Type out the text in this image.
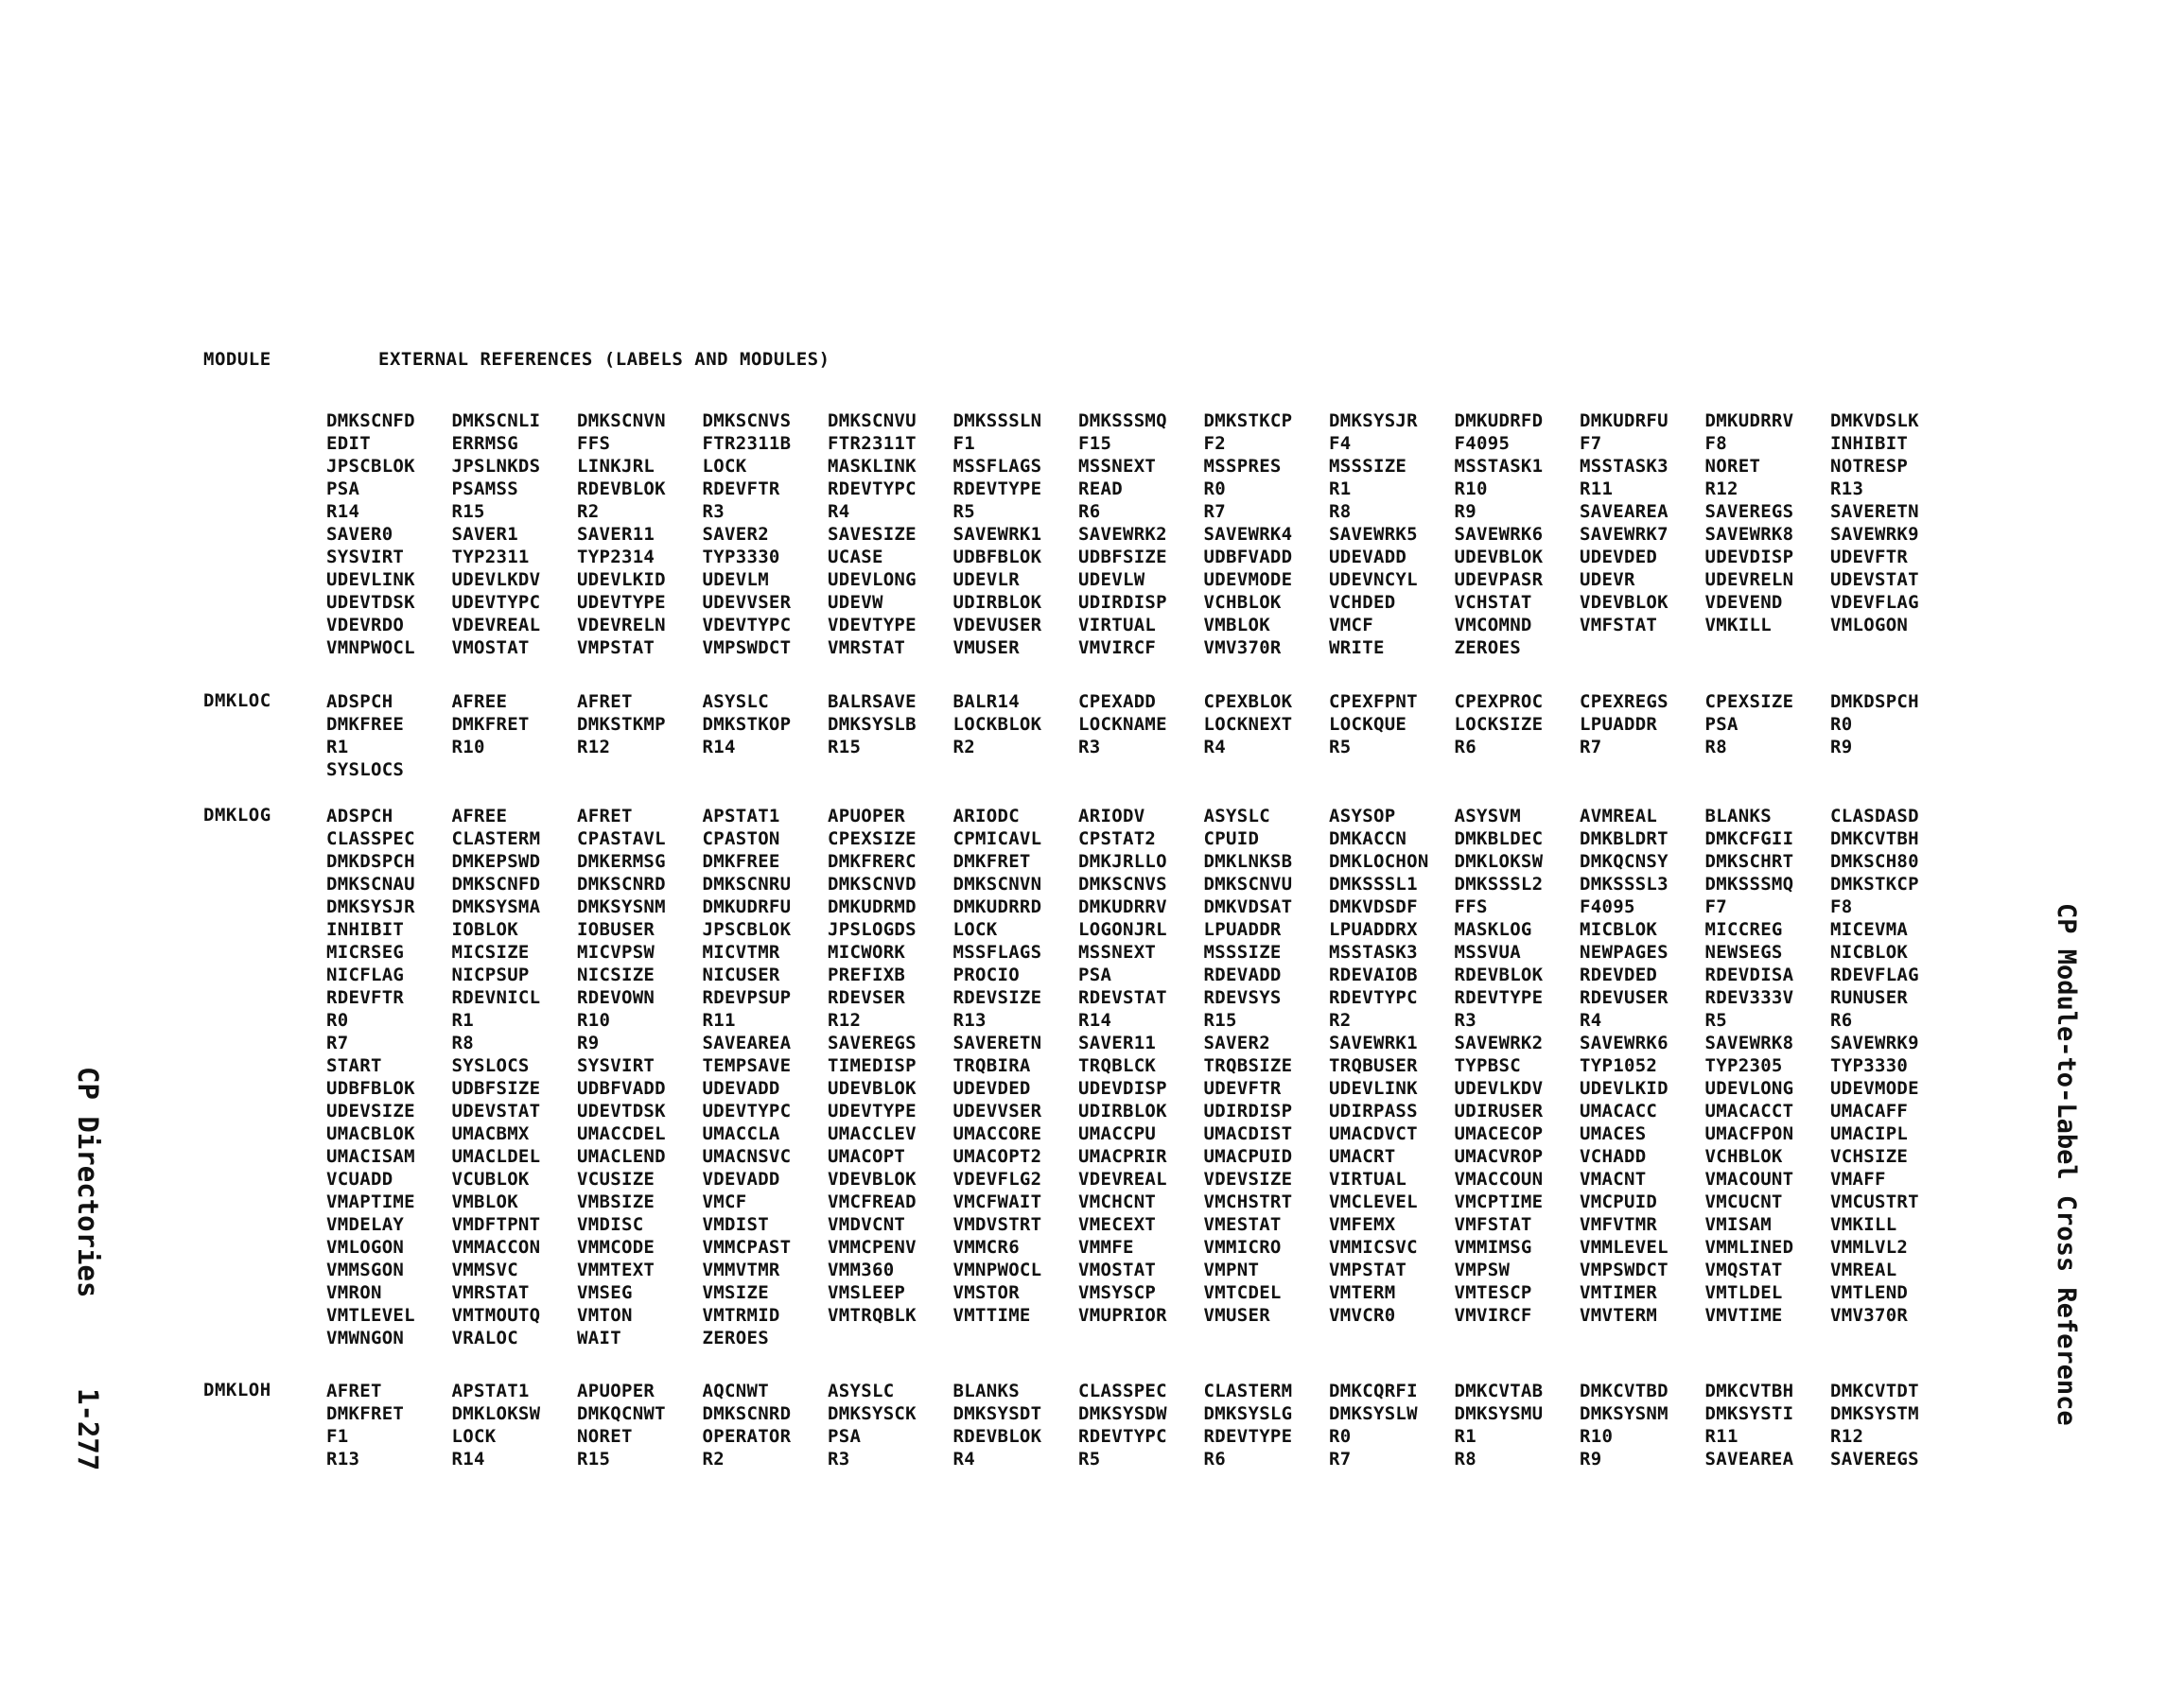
MODULE	EXTERNAL REFERENCES (LABELS AND MODULES)
DMKSCNFD	DMKSCNLI	DMKSCNVN	DMKSCNVS	DMKSCNVU	DMKSSSLN	DMKSSSMQ	DMKSTKCP	DMKSYSJR	DMKUDRFD	DMKUDRFU	DMKUDRRV	DMKVDSLK
EDIT	ERRMSG	FFS	FTR2311B	FTR2311T	F1	F15	F2	F4	F4095	F7	F8	INHIBIT
JPSCBLOK	JPSLNKDS	LINKJRL	LOCK	MASKLINK	MSSFLAGS	MSSNEXT	MSSPRES	MSSSIZE	MSSTASK1	MSSTASK3	NORET	NOTRESP
PSA	PSAMSS	RDEVBLOK	RDEVFTR	RDEVTYPC	RDEVTYPE	READ	R0	R1	R10	R11	R12	R13
R14	R15	R2	R3	R4	R5	R6	R7	R8	R9	SAVEAREA	SAVEREGS	SAVERETN
SAVER0	SAVER1	SAVER11	SAVER2	SAVESIZE	SAVEWRK1	SAVEWRK2	SAVEWRK4	SAVEWRK5	SAVEWRK6	SAVEWRK7	SAVEWRK8	SAVEWRK9
SYSVIRT	TYP2311	TYP2314	TYP3330	UCASE	UDBFBLOK	UDBFSIZE	UDBFVADD	UDEVADD	UDEVBLOK	UDEVDED	UDEVDISP	UDEVFTR
UDEVLINK	UDEVLKDV	UDEVLKID	UDEVLM	UDEVLONG	UDEVLR	UDEVLW	UDEVMODE	UDEVNCYL	UDEVPASR	UDEVR	UDEVRELN	UDEVSTAT
UDEVTDSK	UDEVTYPC	UDEVTYPE	UDEVVSER	UDEVW	UDIRBLOK	UDIRDISP	VCHBLOK	VCHDED	VCHSTAT	VDEVBLOK	VDEVEND	VDEVFLAG
VDEVRDO	VDEVREAL	VDEVRELN	VDEVTYPC	VDEVTYPE	VDEVUSER	VIRTUAL	VMBLOK	VMCF	VMCOMND	VMFSTAT	VMKILL	VMLOGON
VMNPWOCL	VMOSTAT	VMPSTAT	VMPSWDCT	VMRSTAT	VMUSER	VMVIRCF	VMV370R	WRITE	ZEROES
DMKLOC	ADSPCH	AFREE	AFRET	ASYSLC	BALRSAVE	BALR14	CPEXADD	CPEXBLOK	CPEXFPNT	CPEXPROC	CPEXREGS	CPEXSIZE	DMKDSPCH
DMKFREE	DMKFRET	DMKSTKMP	DMKSTKOP	DMKSYSLB	LOCKBLOK	LOCKNAME	LOCKNEXT	LOCKQUE	LOCKSIZE	LPUADDR	PSA	R0
R1	R10	R12	R14	R15	R2	R3	R4	R5	R6	R7	R8	R9
SYSLOCS
DMKLOG	ADSPCH	AFREE	AFRET	APSTAT1	APUOPER	ARIODC	ARIODV	ASYSLC	ASYSOP	ASYSVM	AVMREAL	BLANKS	CLASDASD
CLASSPEC	CLASTERM	CPASTAVL	CPASTON	CPEXSIZE	CPMICAVL	CPSTAT2	CPUID	DMKACCN	DMKBLDEC	DMKBLDRT	DMKCFGII	DMKCVTBH
DMKDSPCH	DMKEPSWD	DMKERMSG	DMKFREE	DMKFRERC	DMKFRET	DMKJRLLO	DMKLNKSB	DMKLOCHON	DMKLOKSW	DMKQCNSY	DMKSCHRT	DMKSCH80
DMKSCNAU	DMKSCNFD	DMKSCNRD	DMKSCNRU	DMKSCNVD	DMKSCNVN	DMKSCNVS	DMKSCNVU	DMKSSSL1	DMKSSSL2	DMKSSSL3	DMKSSSMQ	DMKSTKCP
DMKSYSJR	DMKSYSMA	DMKSYSNM	DMKUDRFU	DMKUDRMD	DMKUDRRD	DMKUDRRV	DMKVDSAT	DMKVDSDF	FFS	F4095	F7	F8
INHIBIT	IOBLOK	IOBUSER	JPSCBLOK	JPSLOGDS	LOCK	LOGONJRL	LPUADDR	LPUADDRX	MASKLOG	MICBLOK	MICCREG	MICEVMA
MICRSEG	MICSIZE	MICVPSW	MICVTMR	MICWORK	MSSFLAGS	MSSNEXT	MSSSIZE	MSSTASK3	MSSVUA	NEWPAGES	NEWSEGS	NICBLOK
NICFLAG	NICPSUP	NICSIZE	NICUSER	PREFIXB	PROCIO	PSA	RDEVADD	RDEVAIOB	RDEVBLOK	RDEVDED	RDEVDISA	RDEVFLAG
RDEVFTR	RDEVNICL	RDEVOWN	RDEVPSUP	RDEVSER	RDEVSIZE	RDEVSTAT	RDEVSYS	RDEVTYPC	RDEVTYPE	RDEVUSER	RDEV333V	RUNUSER
R0	R1	R10	R11	R12	R13	R14	R15	R2	R3	R4	R5	R6
R7	R8	R9	SAVEAREA	SAVEREGS	SAVERETN	SAVER11	SAVER2	SAVEWRK1	SAVEWRK2	SAVEWRK6	SAVEWRK8	SAVEWRK9
START	SYSLOCS	SYSVIRT	TEMPSAVE	TIMEDISP	TRQBIRA	TRQBLCK	TRQBSIZE	TRQBUSER	TYPBSC	TYP1052	TYP2305	TYP3330
UDBFBLOK	UDBFSIZE	UDBFVADD	UDEVADD	UDEVBLOK	UDEVDED	UDEVDISP	UDEVFTR	UDEVLINK	UDEVLKDV	UDEVLKID	UDEVLONG	UDEVMODE
UDEVSIZE	UDEVSTAT	UDEVTDSK	UDEVTYPC	UDEVTYPE	UDEVVSER	UDIRBLOK	UDIRDISP	UDIRPASS	UDIRUSER	UMACACC	UMACACCT	UMACAFF
UMACBLOK	UMACBMX	UMACCDEL	UMACCLA	UMACCLEV	UMACCORE	UMACCPU	UMACDIST	UMACDVCT	UMACECOP	UMACES	UMACFPON	UMACIPL
UMACISAM	UMACLDEL	UMACLEND	UMACNSVC	UMACOPT	UMACOPT2	UMACPRIR	UMACPUID	UMACRT	UMACVROP	VCHADD	VCHBLOK	VCHSIZE
VCUADD	VCUBLOK	VCUSIZE	VDEVADD	VDEVBLOK	VDEVFLG2	VDEVREAL	VDEVSIZE	VIRTUAL	VMACCOUN	VMACNT	VMACOUNT	VMAFF
VMAPTIME	VMBLOK	VMBSIZE	VMCF	VMCFREAD	VMCFWAIT	VMCHCNT	VMCHSTRT	VMCLEVEL	VMCPTIME	VMCPUID	VMCUCNT	VMCUSTRT
VMDELAY	VMDFTPNT	VMDISC	VMDIST	VMDVCNT	VMDVSTRT	VMECEXT	VMESTAT	VMFEMX	VMFSTAT	VMFVTMR	VMISAM	VMKILL
VMLOGON	VMMACCON	VMMCODE	VMMCPAST	VMMCPENV	VMMCR6	VMMFE	VMMICRO	VMMICSVC	VMMIMSG	VMMLEVEL	VMMLINED	VMMLVL2
VMMSGON	VMMSVC	VMMTEXT	VMMVTMR	VMM360	VMNPWOCL	VMOSTAT	VMPNT	VMPSTAT	VMPSW	VMPSWDCT	VMQSTAT	VMREAL
VMRON	VMRSTAT	VMSEG	VMSIZE	VMSLEEP	VMSTOR	VMSYSCP	VMTCDEL	VMTERM	VMTESCP	VMTIMER	VMTLDEL	VMTLEND
VMTLEVEL	VMTMOUTQ	VMTON	VMTRMID	VMTRQBLK	VMTTIME	VMUPRIOR	VMUSER	VMVCR0	VMVIRCF	VMVTERM	VMVTIME	VMV370R
VMWNGON	VRALOC	WAIT	ZEROES
DMKLOH	AFRET	APSTAT1	APUOPER	AQCNWT	ASYSLC	BLANKS	CLASSPEC	CLASTERM	DMKCQRFI	DMKCVTAB	DMKCVTBD	DMKCVTBH	DMKCVTDT
DMKFRET	DMKLOKSW	DMKQCNWT	DMKSCNRD	DMKSYSCK	DMKSYSDT	DMKSYSDW	DMKSYSLG	DMKSYSLW	DMKSYSMU	DMKSYSNM	DMKSYSTI	DMKSYSTM
F1	LOCK	NORET	OPERATOR	PSA	RDEVBLOK	RDEVTYPC	RDEVTYPE	R0	R1	R10	R11	R12
R13	R14	R15	R2	R3	R4	R5	R6	R7	R8	R9	SAVEAREA	SAVEREGS
CP Directories
1-277
CP Module-to-Label Cross Reference
